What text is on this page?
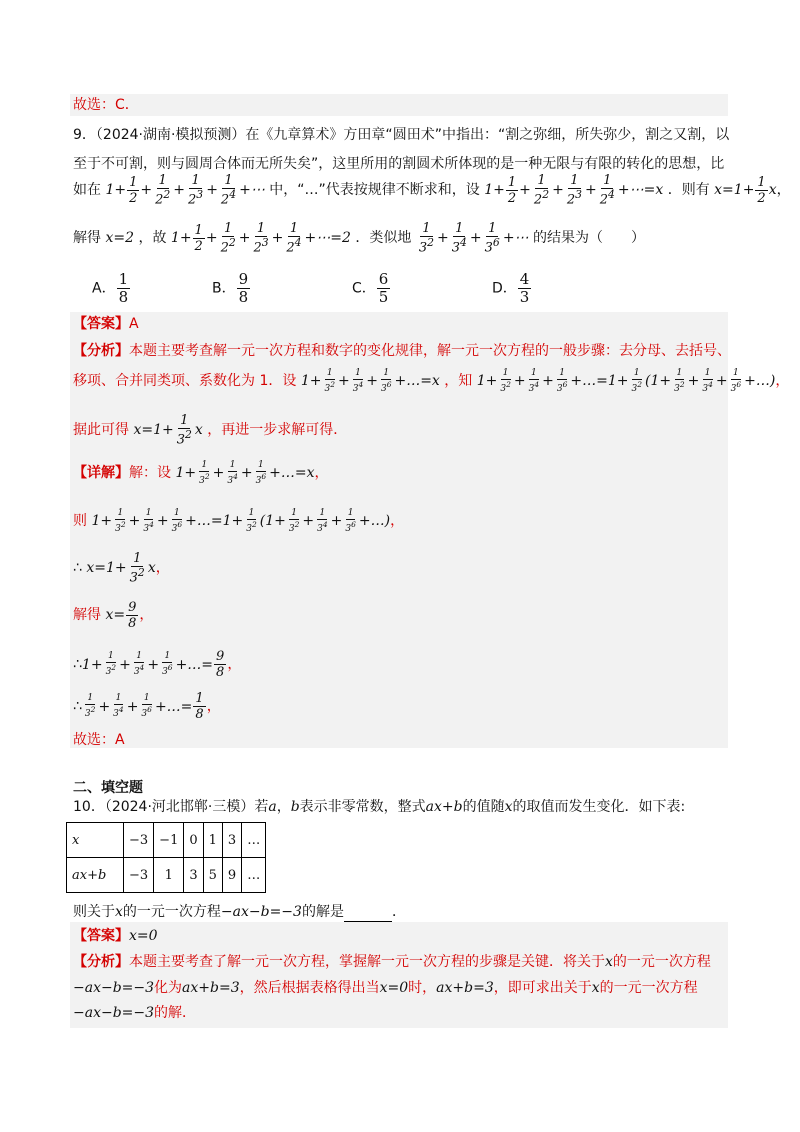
故选：C．
9．（2024·湖南·模拟预测）在《九章算术》方田章“圆田术”中指出：“割之弥细，所失弥少，割之又割，以
至于不可割，则与圆周合体而无所失矣”，这里所用的割圆术所体现的是一种无限与有限的转化的思想，比
如在 $1+ \frac{1}{2} + \frac{1}{2^2} + \frac{1}{2^3} + \frac{1}{2^4}$ +⋯ 中，“…”代表按规律不断求和，设 $1+ \frac{1}{2} + \frac{1}{2^2} + \frac{1}{2^3} + \frac{1}{2^4}$ +⋯=x ．则有 $x=1+ \frac{1}{2}$ x，
解得 x=2 ，故 $1+ \frac{1}{2} + \frac{1}{2^2} + \frac{1}{2^3} + \frac{1}{2^4}$ +⋯=2 ．类似地 $\frac{1}{3^2} + \frac{1}{3^4} + \frac{1}{3^6}$ +⋯ 的结果为（　　）
A． $\frac{1}{8}$	B． $\frac{9}{8}$	C． $\frac{6}{5}$	D． $\frac{4}{3}$
【答案】A
【分析】本题主要考查解一元一次方程和数字的变化规律，解一元一次方程的一般步骤：去分母、去括号、
移项、合并同类项、系数化为 1．设 $1+ \frac{1}{3^2} + \frac{1}{3^4} + \frac{1}{3^6}$ +…=x ，知 $1+ \frac{1}{3^2} + \frac{1}{3^4} + \frac{1}{3^6}$ +…=1+ $\frac{1}{3^2} (1+ \frac{1}{3^2} + \frac{1}{3^4} + \frac{1}{3^6}$ +…)，
据此可得 $x=1+ \frac{1}{3^2}$ x ，再进一步求解可得．
【详解】解：设 $1+ \frac{1}{3^2} + \frac{1}{3^4} + \frac{1}{3^6}$ +…=x，
则 $1+ \frac{1}{3^2} + \frac{1}{3^4} + \frac{1}{3^6}$ +…=1+ $\frac{1}{3^2} (1+ \frac{1}{3^2} + \frac{1}{3^4} + \frac{1}{3^6}$ +…)，
∴ $x=1+ \frac{1}{3^2}$ x，
解得 $x= \frac{9}{8}$ ，
∴1+ $\frac{1}{3^2} + \frac{1}{3^4} + \frac{1}{3^6}$ +…= $\frac{9}{8}$ ，
∴ $\frac{1}{3^2} + \frac{1}{3^4} + \frac{1}{3^6}$ +…= $\frac{1}{8}$ ，
故选：A
二、填空题
10．（2024·河北邯郸·三模）若a，b表示非零常数，整式ax+b的值随x的取值而发生变化．如下表:
x	−3	−1	0	1	3	…
ax+b	−3	1	3	5	9	…
则关于x的一元一次方程−ax−b=−3的解是	．
【答案】x=0
【分析】本题主要考查了解一元一次方程，掌握解一元一次方程的步骤是关键．将关于x的一元一次方程
−ax−b=−3化为ax+b=3，然后根据表格得出当x=0时，ax+b=3，即可求出关于x的一元一次方程
−ax−b=−3的解．
